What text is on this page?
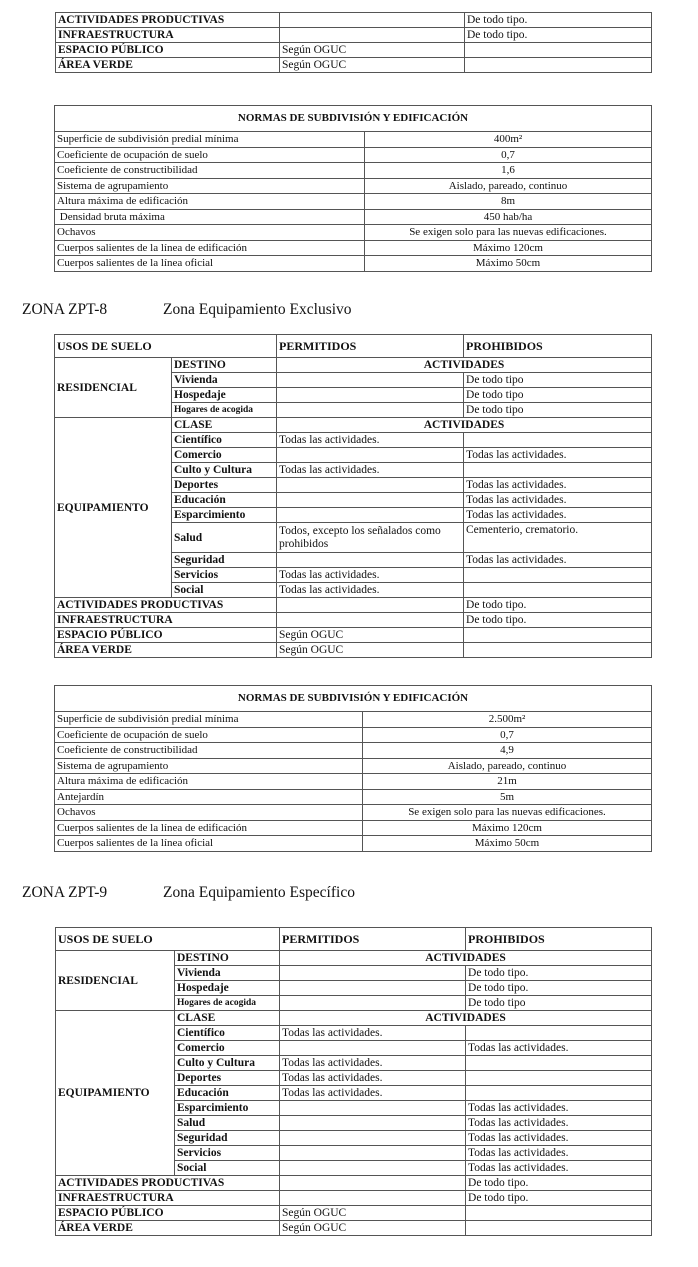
ACTIVIDADES PRODUCTIVAS		De todo tipo.
INFRAESTRUCTURA		De todo tipo.
ESPACIO PÚBLICO	Según OGUC	
ÁREA VERDE	Según OGUC	
NORMAS DE SUBDIVISIÓN Y EDIFICACIÓN	
Superficie de subdivisión predial mínima	400m²
Coeficiente de ocupación de suelo	0,7
Coeficiente de constructibilidad	1,6
Sistema de agrupamiento	Aislado, pareado, continuo
Altura máxima de edificación	8m
Densidad bruta máxima	450 hab/ha
Ochavos	Se exigen solo para las nuevas edificaciones.
Cuerpos salientes de la línea de edificación	Máximo 120cm
Cuerpos salientes de la línea oficial	Máximo 50cm
ZONA ZPT-8	Zona Equipamiento Exclusivo
USOS DE SUELO		PERMITIDOS	PROHIBIDOS
RESIDENCIAL	DESTINO	ACTIVIDADES	
	Vivienda		De todo tipo
	Hospedaje		De todo tipo
	Hogares de acogida		De todo tipo
EQUIPAMIENTO	CLASE	ACTIVIDADES	
	Científico	Todas las actividades.	
	Comercio		Todas las actividades.
	Culto y Cultura	Todas las actividades.	
	Deportes		Todas las actividades.
	Educación		Todas las actividades.
	Esparcimiento		Todas las actividades.
	Salud	Todos, excepto los señalados como prohibidos	Cementerio, crematorio.
	Seguridad		Todas las actividades.
	Servicios	Todas las actividades.	
	Social	Todas las actividades.	
ACTIVIDADES PRODUCTIVAS			De todo tipo.
INFRAESTRUCTURA			De todo tipo.
ESPACIO PÚBLICO		Según OGUC	
ÁREA VERDE		Según OGUC	
NORMAS DE SUBDIVISIÓN Y EDIFICACIÓN	
Superficie de subdivisión predial mínima	2.500m²
Coeficiente de ocupación de suelo	0,7
Coeficiente de constructibilidad	4,9
Sistema de agrupamiento	Aislado, pareado, continuo
Altura máxima de edificación	21m
Antejardín	5m
Ochavos	Se exigen solo para las nuevas edificaciones.
Cuerpos salientes de la línea de edificación	Máximo 120cm
Cuerpos salientes de la línea oficial	Máximo 50cm
ZONA ZPT-9	Zona Equipamiento Específico
USOS DE SUELO		PERMITIDOS	PROHIBIDOS
RESIDENCIAL	DESTINO	ACTIVIDADES	
	Vivienda		De todo tipo.
	Hospedaje		De todo tipo.
	Hogares de acogida		De todo tipo
EQUIPAMIENTO	CLASE	ACTIVIDADES	
	Científico	Todas las actividades.	
	Comercio		Todas las actividades.
	Culto y Cultura	Todas las actividades.	
	Deportes	Todas las actividades.	
	Educación	Todas las actividades.	
	Esparcimiento		Todas las actividades.
	Salud		Todas las actividades.
	Seguridad		Todas las actividades.
	Servicios		Todas las actividades.
	Social		Todas las actividades.
ACTIVIDADES PRODUCTIVAS			De todo tipo.
INFRAESTRUCTURA			De todo tipo.
ESPACIO PÚBLICO		Según OGUC	
ÁREA VERDE		Según OGUC	
